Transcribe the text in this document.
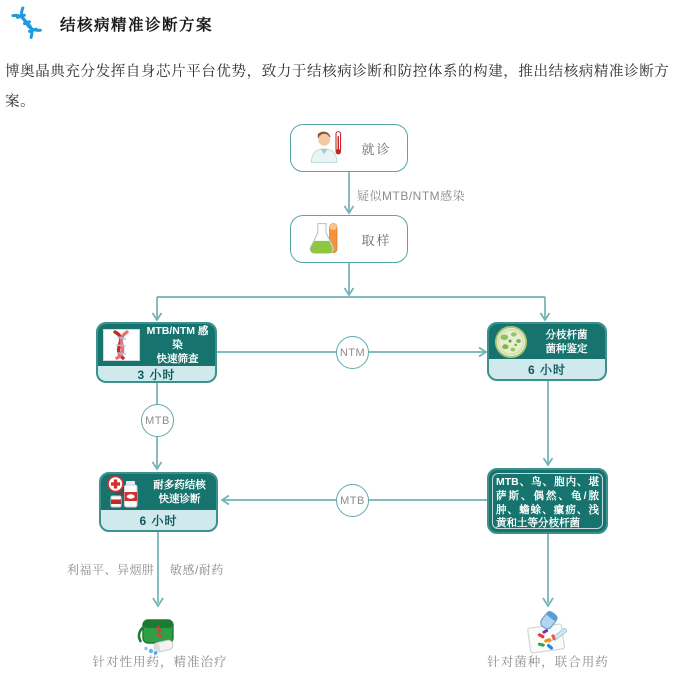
结核病精准诊断方案
博奥晶典充分发挥自身芯片平台优势，致力于结核病诊断和防控体系的构建，推出结核病精准诊断方案。
就诊
疑似MTB/NTM感染
取样
MTB/NTM 感染
快速筛查
3 小时
分枝杆菌
菌种鉴定
6 小时
NTM
MTB
耐多药结核
快速诊断
6 小时
MTB
MTB、鸟、胞内、堪萨斯、偶然、龟/脓肿、蟾蜍、瘰疬、浅黄和土等分枝杆菌
利福平、异烟肼 敏感/耐药
针对性用药，精准治疗	针对菌种，联合用药
